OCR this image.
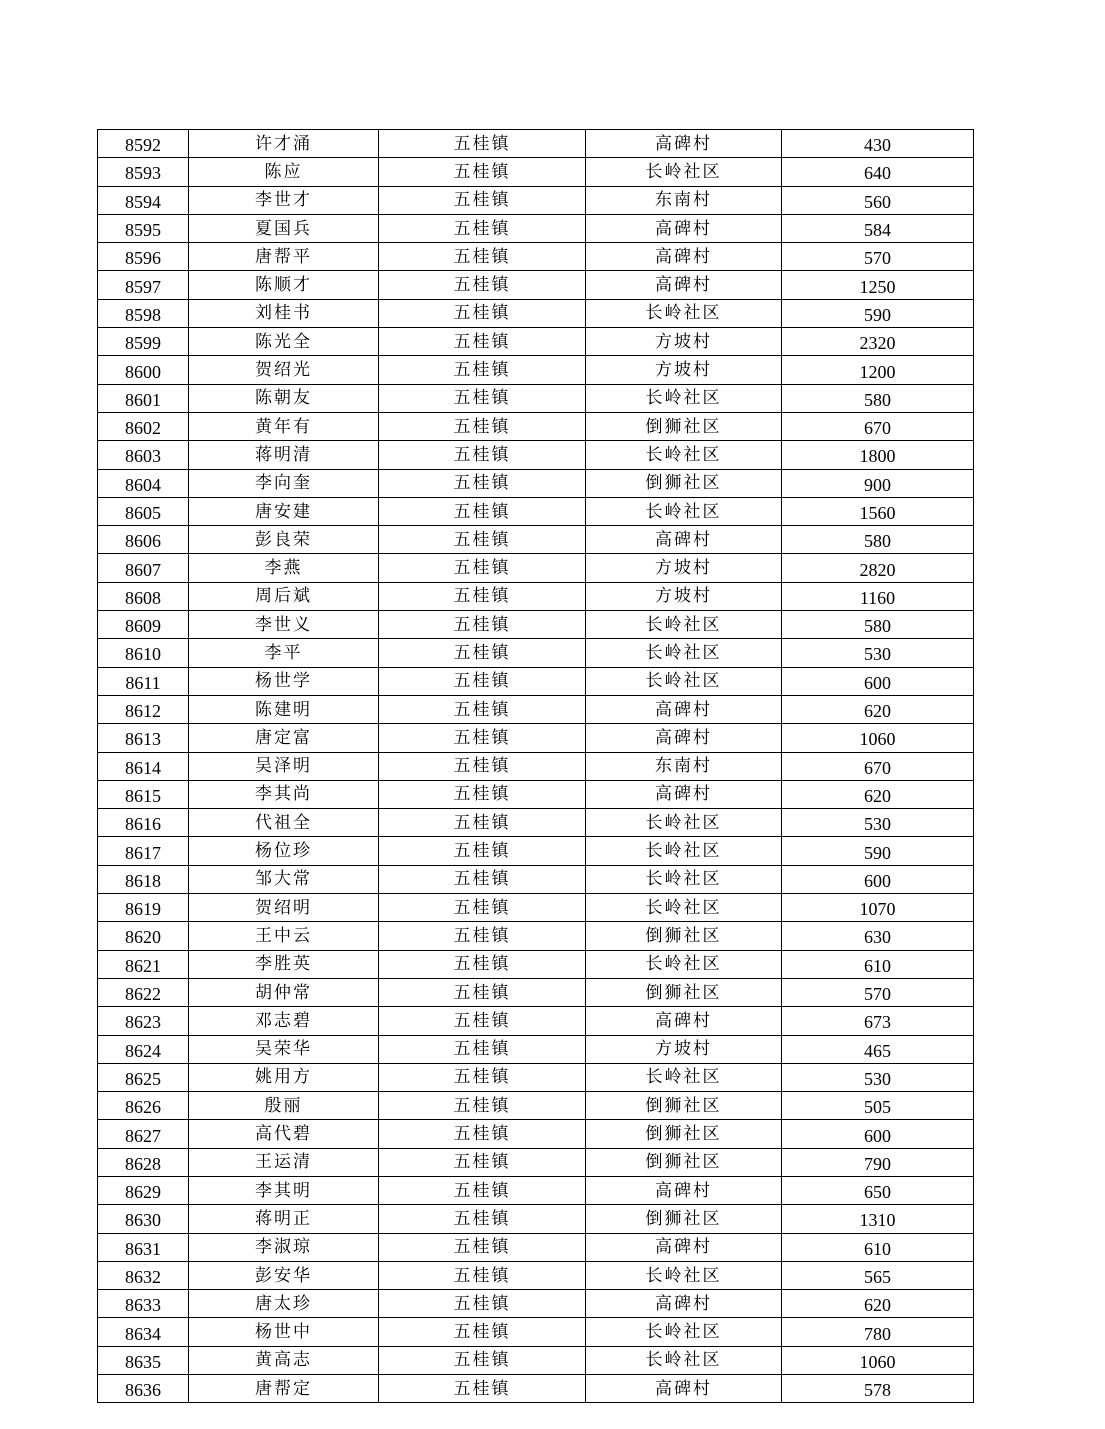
8592	许才涌	五桂镇	高碑村	430
8593	陈应	五桂镇	长岭社区	640
8594	李世才	五桂镇	东南村	560
8595	夏国兵	五桂镇	高碑村	584
8596	唐帮平	五桂镇	高碑村	570
8597	陈顺才	五桂镇	高碑村	1250
8598	刘桂书	五桂镇	长岭社区	590
8599	陈光全	五桂镇	方坡村	2320
8600	贺绍光	五桂镇	方坡村	1200
8601	陈朝友	五桂镇	长岭社区	580
8602	黄年有	五桂镇	倒狮社区	670
8603	蒋明清	五桂镇	长岭社区	1800
8604	李向奎	五桂镇	倒狮社区	900
8605	唐安建	五桂镇	长岭社区	1560
8606	彭良荣	五桂镇	高碑村	580
8607	李燕	五桂镇	方坡村	2820
8608	周后斌	五桂镇	方坡村	1160
8609	李世义	五桂镇	长岭社区	580
8610	李平	五桂镇	长岭社区	530
8611	杨世学	五桂镇	长岭社区	600
8612	陈建明	五桂镇	高碑村	620
8613	唐定富	五桂镇	高碑村	1060
8614	吴泽明	五桂镇	东南村	670
8615	李其尚	五桂镇	高碑村	620
8616	代祖全	五桂镇	长岭社区	530
8617	杨位珍	五桂镇	长岭社区	590
8618	邹大常	五桂镇	长岭社区	600
8619	贺绍明	五桂镇	长岭社区	1070
8620	王中云	五桂镇	倒狮社区	630
8621	李胜英	五桂镇	长岭社区	610
8622	胡仲常	五桂镇	倒狮社区	570
8623	邓志碧	五桂镇	高碑村	673
8624	吴荣华	五桂镇	方坡村	465
8625	姚用方	五桂镇	长岭社区	530
8626	殷丽	五桂镇	倒狮社区	505
8627	高代碧	五桂镇	倒狮社区	600
8628	王运清	五桂镇	倒狮社区	790
8629	李其明	五桂镇	高碑村	650
8630	蒋明正	五桂镇	倒狮社区	1310
8631	李淑琼	五桂镇	高碑村	610
8632	彭安华	五桂镇	长岭社区	565
8633	唐太珍	五桂镇	高碑村	620
8634	杨世中	五桂镇	长岭社区	780
8635	黄高志	五桂镇	长岭社区	1060
8636	唐帮定	五桂镇	高碑村	578
